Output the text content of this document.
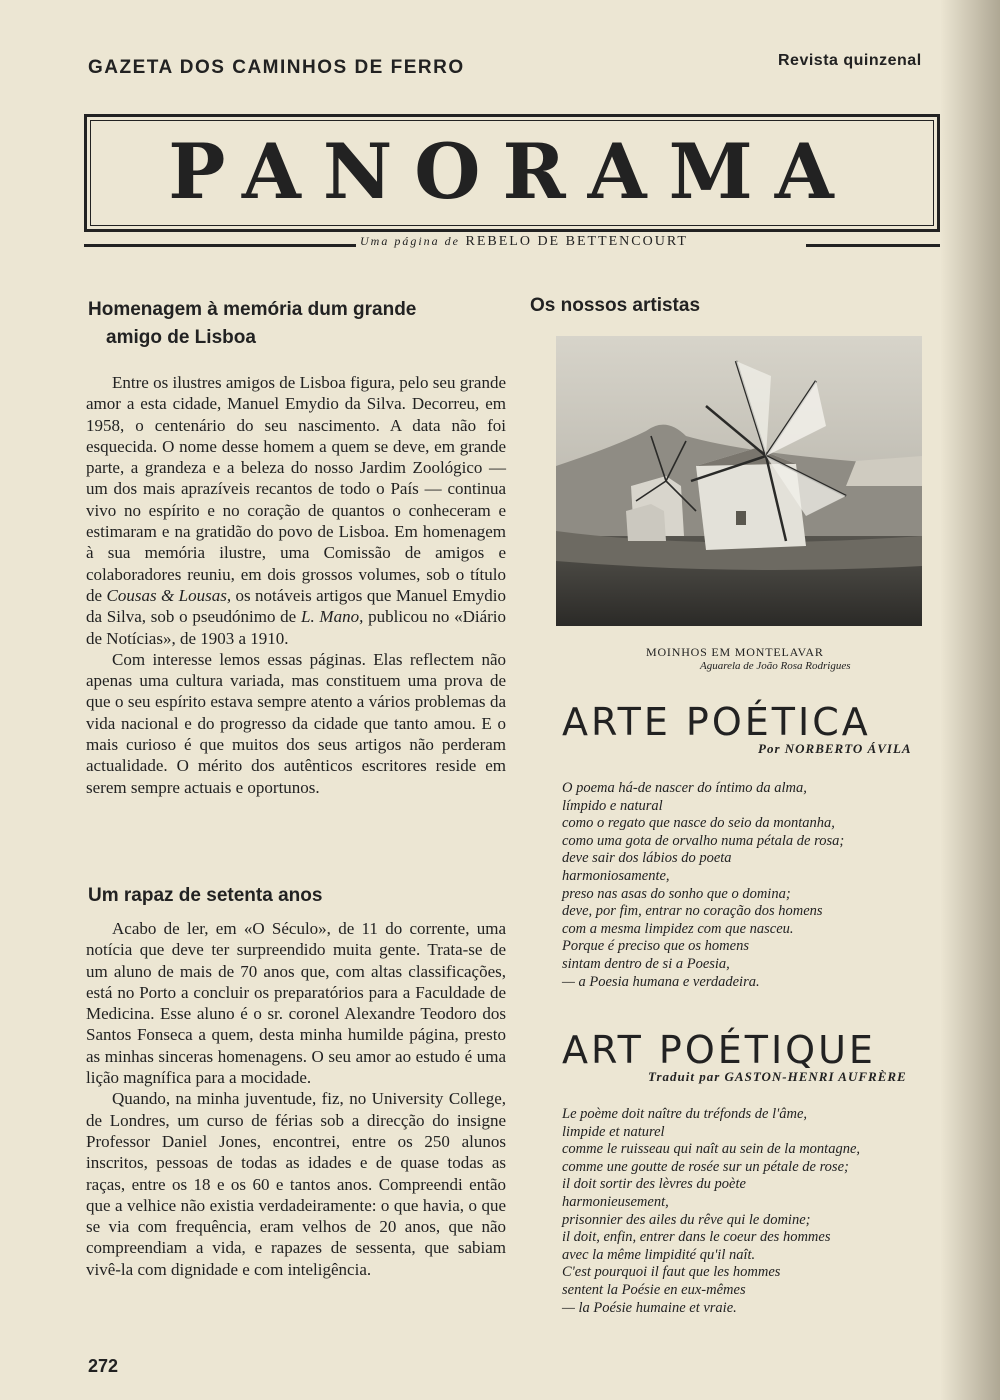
GAZETA DOS CAMINHOS DE FERRO	Revista quinzenal
PANORAMA
Uma página de REBELO DE BETTENCOURT
Homenagem à memória dum grande
amigo de Lisboa

Entre os ilustres amigos de Lisboa figura, pelo seu grande amor a esta cidade, Manuel Emydio da Silva. Decorreu, em 1958, o centenário do seu nascimento. A data não foi esquecida. O nome desse homem a quem se deve, em grande parte, a grandeza e a beleza do nosso Jardim Zoológico — um dos mais aprazíveis recantos de todo o País — continua vivo no espírito e no coração de quantos o conheceram e estimaram e na gratidão do povo de Lisboa. Em homenagem à sua memória ilustre, uma Comissão de amigos e colaboradores reuniu, em dois grossos volumes, sob o título de Cousas & Lousas, os notáveis artigos que Manuel Emydio da Silva, sob o pseudónimo de L. Mano, publicou no «Diário de Notícias», de 1903 a 1910.

Com interesse lemos essas páginas. Elas reflectem não apenas uma cultura variada, mas constituem uma prova de que o seu espírito estava sempre atento a vários problemas da vida nacional e do progresso da cidade que tanto amou. E o mais curioso é que muitos dos seus artigos não perderam actualidade. O mérito dos autênticos escritores reside em serem sempre actuais e oportunos.

Um rapaz de setenta anos

Acabo de ler, em «O Século», de 11 do corrente, uma notícia que deve ter surpreendido muita gente. Trata-se de um aluno de mais de 70 anos que, com altas classificações, está no Porto a concluir os preparatórios para a Faculdade de Medicina. Esse aluno é o sr. coronel Alexandre Teodoro dos Santos Fonseca a quem, desta minha humilde página, presto as minhas sinceras homenagens. O seu amor ao estudo é uma lição magnífica para a mocidade.

Quando, na minha juventude, fiz, no University College, de Londres, um curso de férias sob a direcção do insigne Professor Daniel Jones, encontrei, entre os 250 alunos inscritos, pessoas de todas as idades e de quase todas as raças, entre os 18 e os 60 e tantos anos. Compreendi então que a velhice não existia verdadeiramente: o que havia, o que se via com frequência, eram velhos de 20 anos, que não compreendiam a vida, e rapazes de sessenta, que sabiam vivê-la com dignidade e com inteligência.

Os nossos artistas
MOINHOS EM MONTELAVAR
Aguarela de João Rosa Rodrigues
ARTE POÉTICA
Por NORBERTO ÁVILA
O poema há-de nascer do íntimo da alma,
límpido e natural
como o regato que nasce do seio da montanha,
como uma gota de orvalho numa pétala de rosa;
deve sair dos lábios do poeta
harmoniosamente,
preso nas asas do sonho que o domina;
deve, por fim, entrar no coração dos homens
com a mesma limpidez com que nasceu.
Porque é preciso que os homens
sintam dentro de si a Poesia,
— a Poesia humana e verdadeira.
ART POÉTIQUE
Traduit par GASTON-HENRI AUFRÈRE
Le poème doit naître du tréfonds de l'âme,
limpide et naturel
comme le ruisseau qui naît au sein de la montagne,
comme une goutte de rosée sur un pétale de rose;
il doit sortir des lèvres du poète
harmonieusement,
prisonnier des ailes du rêve qui le domine;
il doit, enfin, entrer dans le coeur des hommes
avec la même limpidité qu'il naît.
C'est pourquoi il faut que les hommes
sentent la Poésie en eux-mêmes
— la Poésie humaine et vraie.
272
